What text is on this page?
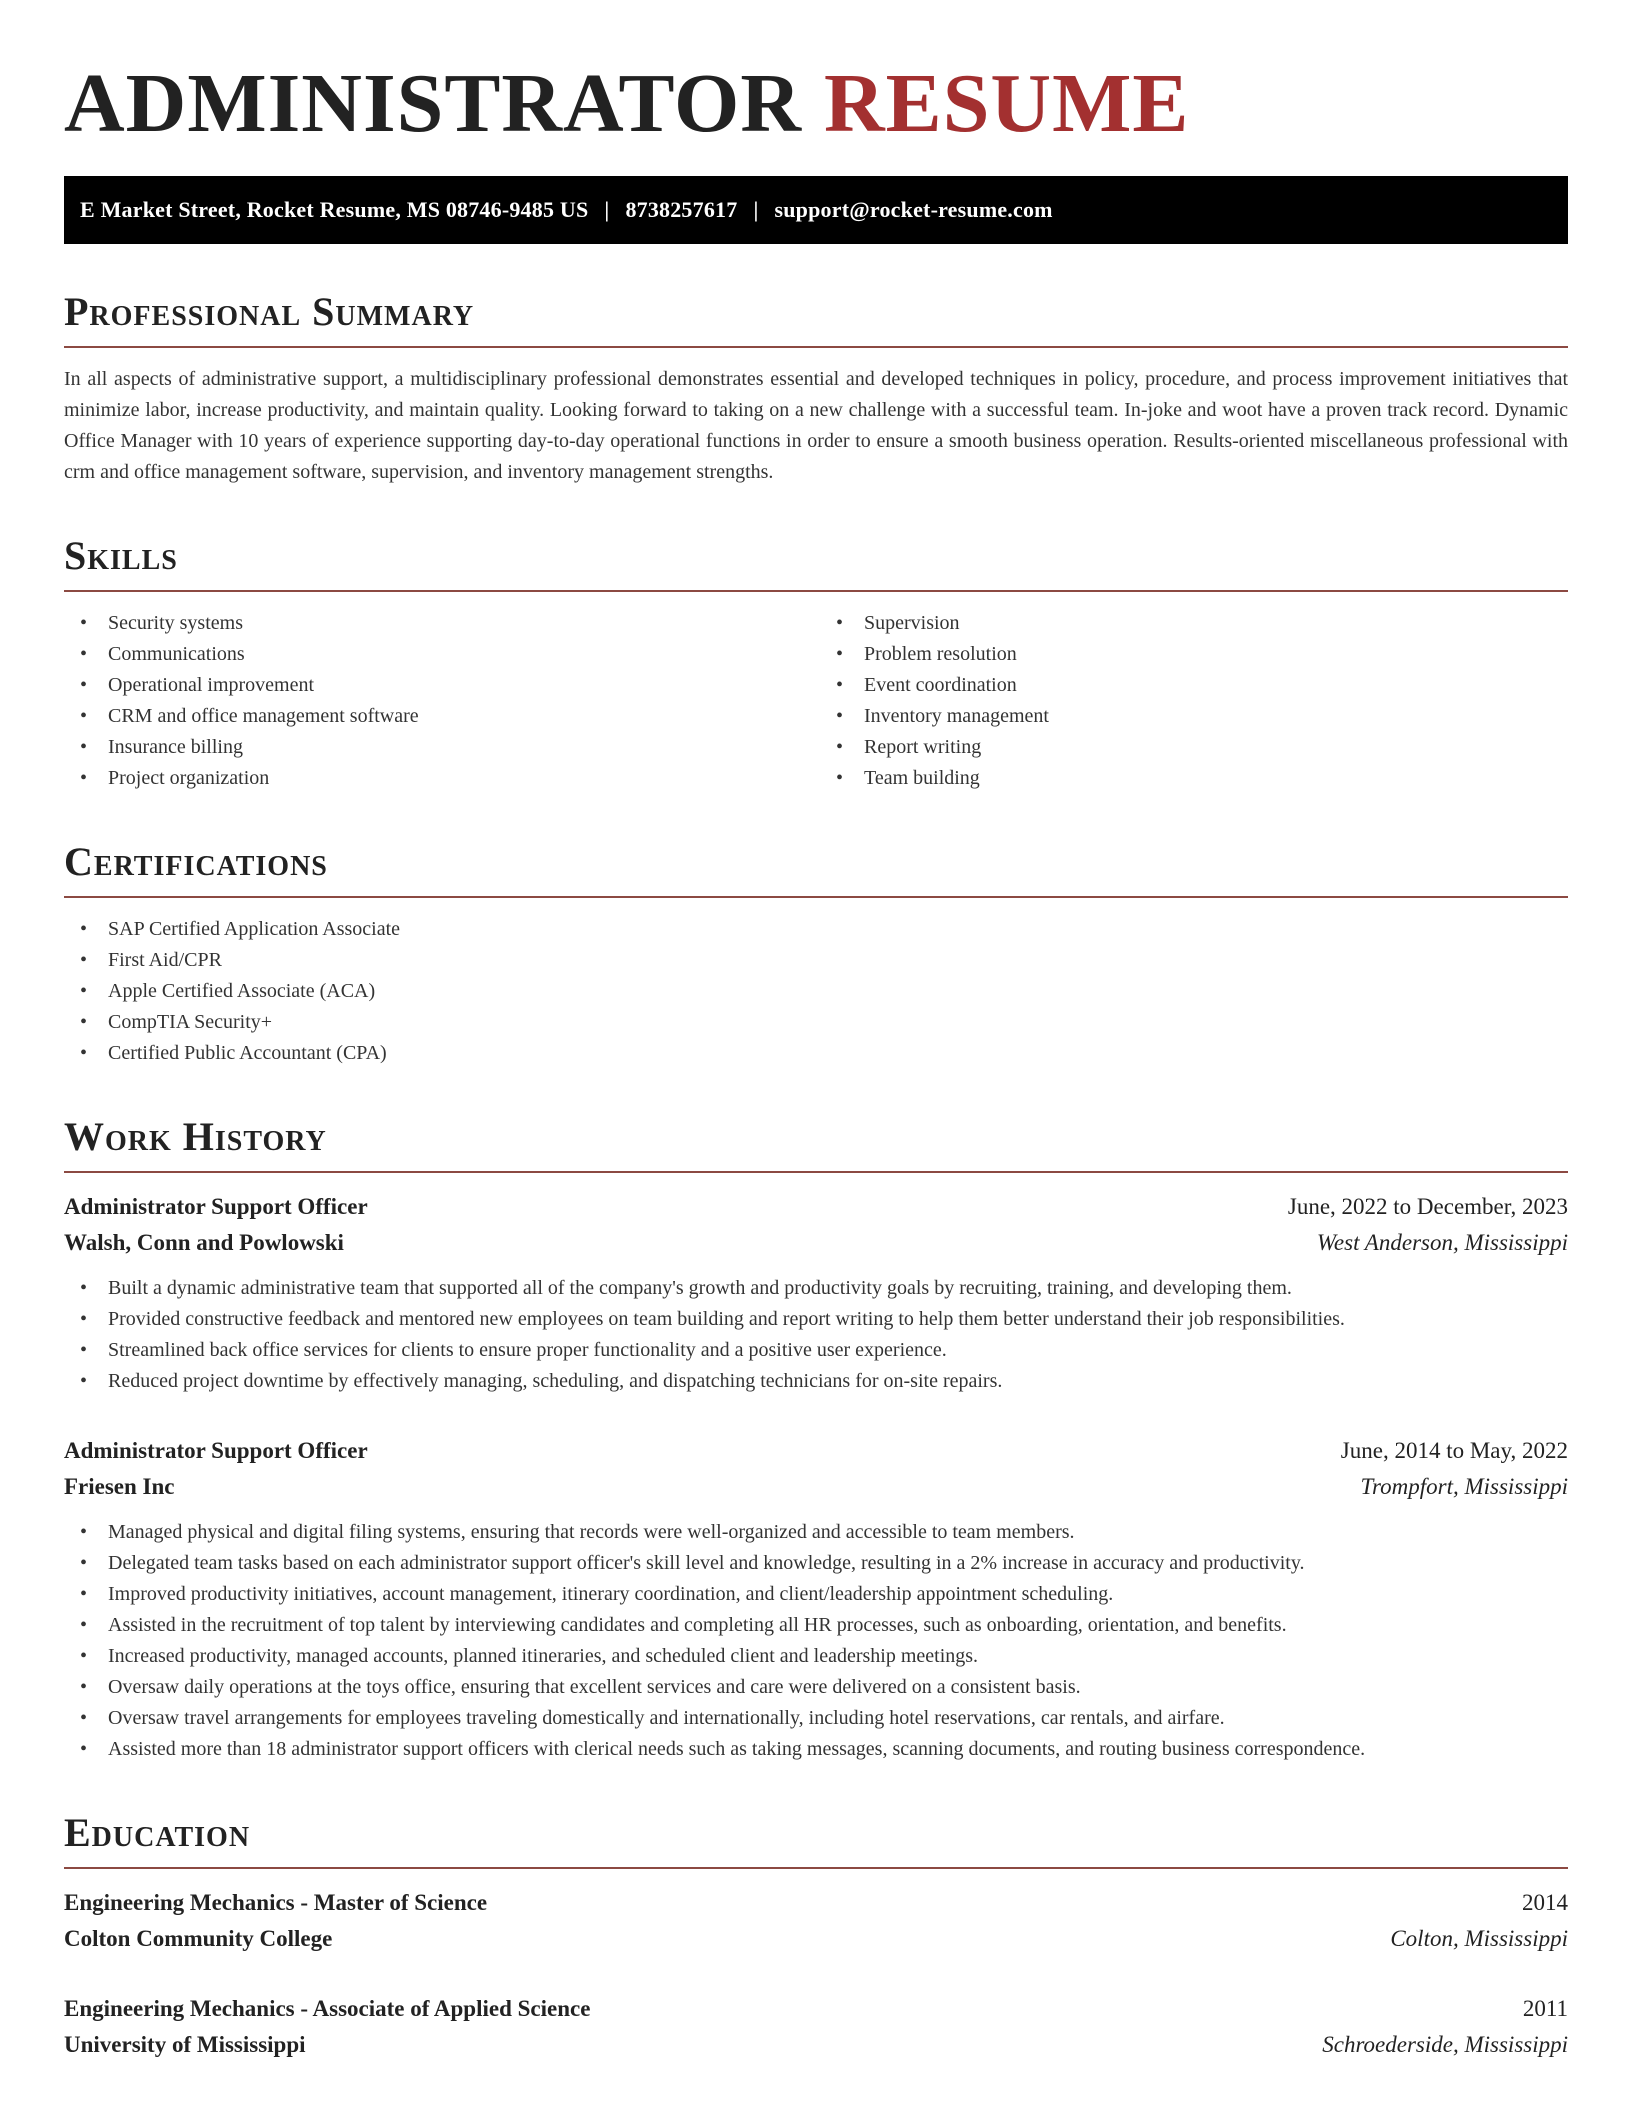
ADMINISTRATOR RESUME
E Market Street, Rocket Resume, MS 08746-9485 US | 8738257617 | support@rocket-resume.com
Professional Summary

In all aspects of administrative support, a multidisciplinary professional demonstrates essential and developed techniques in policy, procedure, and process improvement initiatives that minimize labor, increase productivity, and maintain quality. Looking forward to taking on a new challenge with a successful team. In-joke and woot have a proven track record. Dynamic Office Manager with 10 years of experience supporting day-to-day operational functions in order to ensure a smooth business operation. Results-oriented miscellaneous professional with crm and office management software, supervision, and inventory management strengths.

Skills
• Security systems
• Communications
• Operational improvement
• CRM and office management software
• Insurance billing
• Project organization
• Supervision
• Problem resolution
• Event coordination
• Inventory management
• Report writing
• Team building
Certifications
• SAP Certified Application Associate
• First Aid/CPR
• Apple Certified Associate (ACA)
• CompTIA Security+
• Certified Public Accountant (CPA)
Work History
Administrator Support Officer	June, 2022 to December, 2023
Walsh, Conn and Powlowski	West Anderson, Mississippi
• Built a dynamic administrative team that supported all of the company's growth and productivity goals by recruiting, training, and developing them.
• Provided constructive feedback and mentored new employees on team building and report writing to help them better understand their job responsibilities.
• Streamlined back office services for clients to ensure proper functionality and a positive user experience.
• Reduced project downtime by effectively managing, scheduling, and dispatching technicians for on-site repairs.
Administrator Support Officer	June, 2014 to May, 2022
Friesen Inc	Trompfort, Mississippi
• Managed physical and digital filing systems, ensuring that records were well-organized and accessible to team members.
• Delegated team tasks based on each administrator support officer's skill level and knowledge, resulting in a 2% increase in accuracy and productivity.
• Improved productivity initiatives, account management, itinerary coordination, and client/leadership appointment scheduling.
• Assisted in the recruitment of top talent by interviewing candidates and completing all HR processes, such as onboarding, orientation, and benefits.
• Increased productivity, managed accounts, planned itineraries, and scheduled client and leadership meetings.
• Oversaw daily operations at the toys office, ensuring that excellent services and care were delivered on a consistent basis.
• Oversaw travel arrangements for employees traveling domestically and internationally, including hotel reservations, car rentals, and airfare.
• Assisted more than 18 administrator support officers with clerical needs such as taking messages, scanning documents, and routing business correspondence.
Education
Engineering Mechanics - Master of Science	2014
Colton Community College	Colton, Mississippi
Engineering Mechanics - Associate of Applied Science	2011
University of Mississippi	Schroederside, Mississippi
